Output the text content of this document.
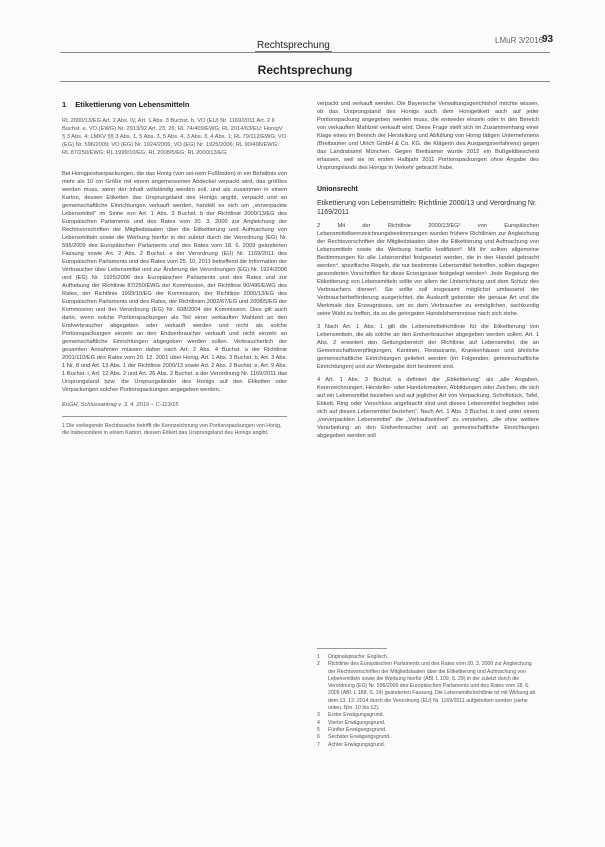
Rechtsprechung	LMuR 3/2016
93
Rechtsprechung

1 Etikettierung von Lebensmitteln

RL 2000/13/EG Art. 2 Abs. IV, Art. 1 Abs. 3 Buchst. b, VO (EU) Nr. 1169/2011 Art. 2 II Buchst. e, VO (EWG) Nr. 2913/92 Art. 23, 26; RL 74/409/EWG; RL 2014/63/EU; HonigV § 3 Abs. 4; LMKV §§ 3 Abs. 1, 5 Abs. 3, 5 Abs. 4, 3 Abs. 3, 4 Abs. 1; RL 79/112/EWG; VO (EG) Nr. 596/2009; VO (EG) Nr. 1924/2006; VO (EG) Nr. 1925/2006; RL 90/496/EWG; RL 87/250/EWG; RL 1999/10/EG; RL 2008/5/EG; RL 2000/13/EG

Bei Honigpostverpackungen, die das Honig (von sei-nem Fußboden) in ein Behältnis von mehr als 10 cm Größe mit einem angemessenen Abdeckel verpackt wird, das größtes werden muss, wenn der Inhalt vollständig werden soll, und als zusammen in einem Karton, dessen Etiketten das Ursprungsland des Honigs angibt, verpackt und an gemeinschaftliche Einrichtungen verkauft werden, handelt es sich um „vorverpackte Lebensmittel“ im Sinne von Art. 1 Abs. 3 Buchst. b der Richtlinie 2000/13/EG des Europäischen Parlaments und des Rates vom 20. 3. 2000 zur Angleichung der Rechtsvorschriften der Mitgliedstaaten über die Etikettierung und Aufmachung von Lebensmitteln sowie die Werbung hierfür in der zuletzt durch die Verordnung (EG) Nr. 596/2009 des Europäischen Parlaments und des Rates vom 18. 6. 2009 geänderten Fassung sowie Art. 2 Abs. 2 Buchst. e der Verordnung (EU) Nr. 1169/2011 des Europäischen Parlaments und des Rates vom 25. 10. 2011 betreffend die Information der Verbraucher über Lebensmittel und zur Änderung der Verordnungen (EG) Nr. 1924/2006 und (EG) Nr. 1925/2006 des Europäischen Parlaments und des Rates und zur Aufhebung der Richtlinie 87/250/EWG der Kommission, der Richtlinie 90/496/EWG des Rates, der Richtlinie 1999/10/EG der Kommission, der Richtlinie 2000/13/EG des Europäischen Parlaments und des Rates, der Richtlinien 2002/67/EG und 2008/5/EG der Kommission und der Verordnung (EG) Nr. 608/2004 der Kommission. Dies gilt auch dann, wenn solche Portionspackungen als Teil einer verkauften Mahlzeit an den Endverbraucher abgegeben oder verkauft werden und nicht als solche Portionspackungen einzeln an den Endverbraucher verkauft und nicht einzeln an gemeinschaftliche Einrichtungen abgegeben werden sollen. Verbraucherlich der gesamten Annahmen müssen daher nach Art. 2 Abs. 4 Buchst. a der Richtlinie 2001/110/EG des Rates vom 20. 12. 2001 über Honig, Art. 1 Abs. 3 Buchst. b, Art. 3 Abs. 1 Nr. 8 und Art. 13 Abs. 1 der Richtlinie 2000/13 sowie Art. 2 Abs. 2 Buchst. e, Art. 9 Abs. 1 Buchst. i, Art. 12 Abs. 2 und Art. 26 Abs. 2 Buchst. a der Verordnung Nr. 1169/2011 das Ursprungsland bzw. die Ursprungsländer des Honigs auf den Etiketten oder Verpackungen solcher Portionspackungen angegeben werden.

EuGH, Schlussantrag v. 3. 4. 2016 – C-113/15

1 Die vorliegende Rechtssache betrifft die Kennzeichnung von Portionspackungen von Honig, die insbesondere in einem Karton, dessen Etikett das Ursprungsland des Honigs angibt,

verpackt und verkauft werden. Die Bayerische Verwaltungsgerichtshof möchte wissen, ob das Ursprungsland des Honigs auch dem Honigetikett auch auf jeder Portionspackung angegeben werden muss, die entweder einzeln oder in den Bereich von verkauften Mahlzeit verkauft wird. Diese Frage stellt sich im Zusammenhang einer Klage eines im Bereich der Herstellung und Abfüllung von Honig tätigen Unternehmens (Breitsamer und Ulrich GmbH & Co. KG, die Klägerin des Ausgangsverfahrens) gegen das Landratsamt München. Gegen Breitsamer wurde 2012 ein Bußgeldbescheid erlassen, weil sie im ersten Halbjahr 2011 Portionspackungen ohne Angabe des Ursprungslands des Honigs in Verkehr gebracht habe.

Unionsrecht

Etikettierung von Lebensmitteln: Richtlinie 2000/13 und Verordnung Nr. 1169/2011

2 Mit der Richtlinie 2000/13/EG² von Europäischen Lebensmittelkennzeichnungsbestimmungen wurden frühere Richtlinien zur Angleichung der Rechtsvorschriften der Mitgliedstaaten über die Etikettierung und Aufmachung von Lebensmitteln sowie die Werbung hierfür kodifiziert³. Mit ihr sollten allgemeine Bestimmungen für alle Lebensmittel festgesetzt werden, die in den Handel gebracht werden⁴, spezifische Regeln, die nur bestimmte Lebensmittel betreffen, sollten dagegen gesonderten Vorschriften für diese Erzeugnisse festgelegt werden⁵. Jede Regelung der Etikettierung von Lebensmitteln sollte vor allem der Unterrichtung und dem Schutz des Verbrauchers dienen⁶. Sie sollte soll insgesamt möglichst umfassend der Verbraucherbeförderung ausgerichtet, die Auskunft gebender die genaue Art und die Merkmale des Erzeugnisses, um so dem Verbraucher zu ermöglichen, sachkundig seine Wahl zu treffen, da so die geringsten Handelshemmnisse nach sich ziehe.

3 Nach Art. 1 Abs. 1 gilt die Lebensmittelrichtlinie für die Etikettierung von Lebensmitteln, die als solche an den Endverbraucher abgegeben werden sollen. Art. 1 Abs. 2 erweitert den Geltungsbereich der Richtlinie auf Lebensmittel, die an Gemeinschaftsverpflegungen, Kantinen, Restaurants, Krankenhäuser und ähnliche gemeinschaftliche Einrichtungen geliefert werden (im Folgenden: gemeinschaftliche Einrichtungen) und zur Weitergabe dort bestimmt sind.

4 Art. 1 Abs. 3 Buchst. a definiert die „Etikettierung“ als „alle Angaben, Kennzeichnungen, Hersteller- oder Handelsmarken, Abbildungen oder Zeichen, die sich auf ein Lebensmittel beziehen und auf jeglicher Art von Verpackung, Schriftstück, Tafel, Etikett, Ring oder Verschluss angebracht sind und dieses Lebensmittel begleiten oder sich auf dieses Lebensmittel beziehen“. Nach Art. 1 Abs. 3 Buchst. b sind unter einem „vorverpackten Lebensmittel“ die „Verkaufseinheit“ zu verstehen, „die ohne weitere Verarbeitung an den Endverbraucher und an gemeinschaftliche Einrichtungen abgegeben werden soll

1	Originalsprache: Englisch.
2	Richtlinie des Europäischen Parlaments und des Rates vom 20. 3. 2000 zur Angleichung der Rechtsvorschriften der Mitgliedstaaten über die Etikettierung und Aufmachung von Lebensmitteln sowie die Werbung hierfür (ABl. L 109, S. 29) in der zuletzt durch die Verordnung (EG) Nr. 596/2009 des Europäischen Parlaments und des Rates vom 18. 6. 2009 (ABl. L 188, S. 14) geänderten Fassung. Die Lebensmittelrichtlinie ist mit Wirkung ab dem 13. 12. 2014 durch die Verordnung (EU) Nr. 1169/2011 aufgehoben worden (siehe unten, Nrn. 10 bis 12).
3	Erster Erwägungsgrund.
4	Vierter Erwägungsgrund.
5	Fünfter Erwägungsgrund.
6	Sechster Erwägungsgrund.
7	Achter Erwägungsgrund.
